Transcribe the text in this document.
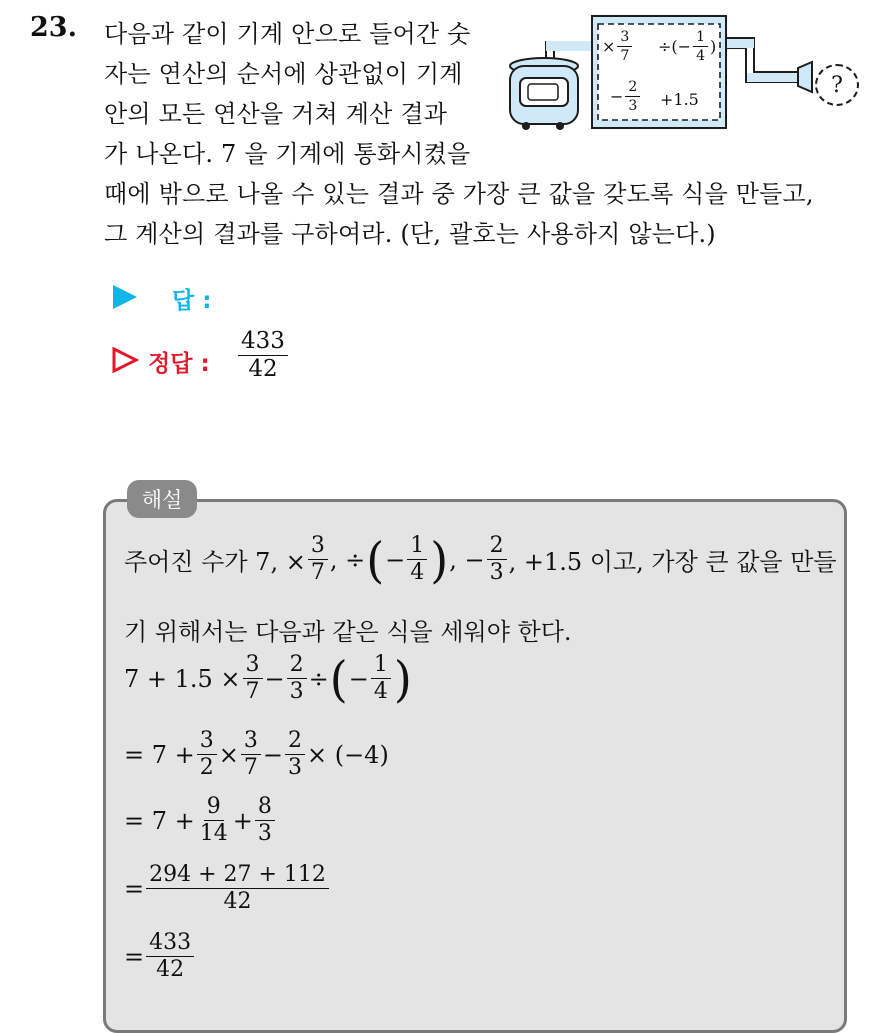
23. 다음과 같이 기계 안으로 들어간 숫
자는 연산의 순서에 상관없이 기계
안의 모든 연산을 거쳐 계산 결과
가 나온다. 7 을 기계에 통화시켰을
때에 밖으로 나올 수 있는 결과 중 가장 큰 값을 갖도록 식을 만들고,
그 계산의 결과를 구하여라. (단, 괄호는 사용하지 않는다.)
× $\frac{3}{7}$ ÷(− $\frac{1}{4}$ )
− $\frac{2}{3} +1.5$
?
답 :
정답 : $\frac{433}{42}$
해설
주어진 수가 7, × $\frac{3}{7}$ , ÷ ( − $\frac{1}{4}$ ) , − $\frac{2}{3}$ , +1.5 이고, 가장 큰 값을 만들
기 위해서는 다음과 같은 식을 세워야 한다.
$7 + 1.5 \times \frac{3}{7} - \frac{2}{3}$ ÷ ( − $\frac{1}{4}$ )
= $7 + \frac{3}{2} \times \frac{3}{7} - \frac{2}{3} \times (-4)$
= $7 + \frac{9}{14} + \frac{8}{3}$
= $\frac{294 + 27 + 112}{42}$
= $\frac{433}{42}$
